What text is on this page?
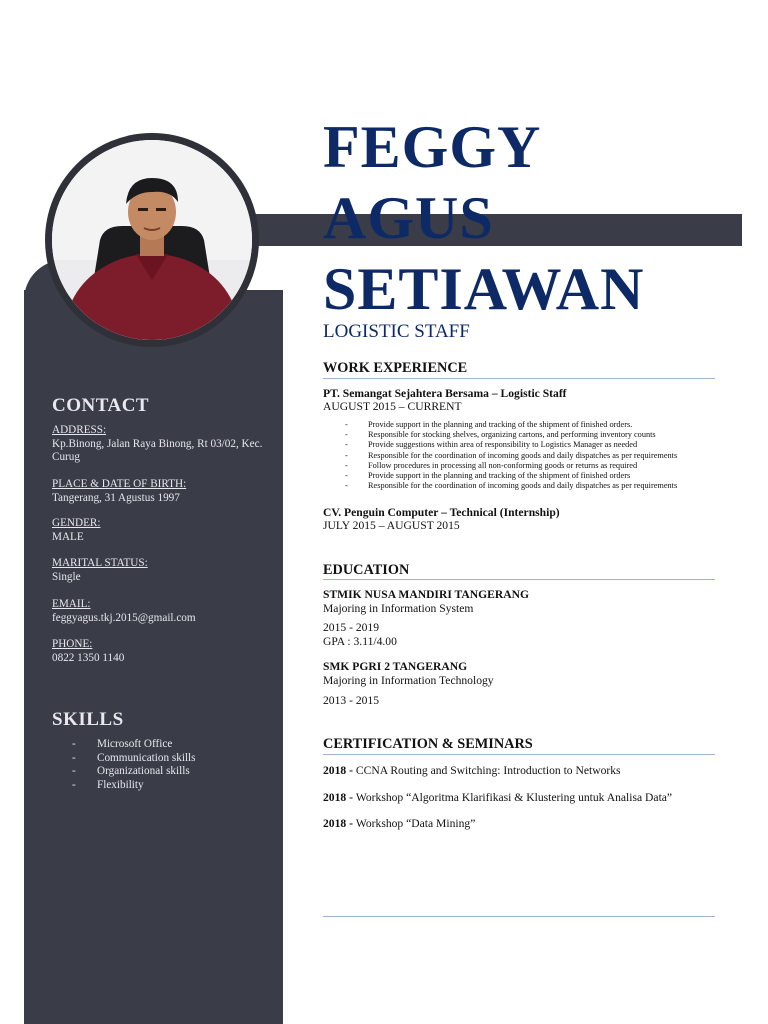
FEGGY
AGUS
SETIAWAN
LOGISTIC STAFF
CONTACT
ADDRESS:
Kp.Binong, Jalan Raya Binong, Rt 03/02, Kec. Curug
PLACE & DATE OF BIRTH:
Tangerang, 31 Agustus 1997
GENDER:
MALE
MARITAL STATUS:
Single
EMAIL:
feggyagus.tkj.2015@gmail.com
PHONE:
0822 1350 1140
SKILLS
- Microsoft Office
- Communication skills
- Organizational skills
- Flexibility
WORK EXPERIENCE
PT. Semangat Sejahtera Bersama – Logistic Staff
AUGUST 2015 – CURRENT
- Provide support in the planning and tracking of the shipment of finished orders.
- Responsible for stocking shelves, organizing cartons, and performing inventory counts
- Provide suggestions within area of responsibility to Logistics Manager as needed
- Responsible for the coordination of incoming goods and daily dispatches as per requirements
- Follow procedures in processing all non-conforming goods or returns as required
- Provide support in the planning and tracking of the shipment of finished orders
- Responsible for the coordination of incoming goods and daily dispatches as per requirements
CV. Penguin Computer – Technical (Internship)
JULY 2015 – AUGUST 2015
EDUCATION
STMIK NUSA MANDIRI TANGERANG
Majoring in Information System
2015 - 2019
GPA : 3.11/4.00
SMK PGRI 2 TANGERANG
Majoring in Information Technology
2013 - 2015
CERTIFICATION & SEMINARS
2018 - CCNA Routing and Switching: Introduction to Networks
2018 - Workshop “Algoritma Klarifikasi & Klustering untuk Analisa Data”
2018 - Workshop “Data Mining”
